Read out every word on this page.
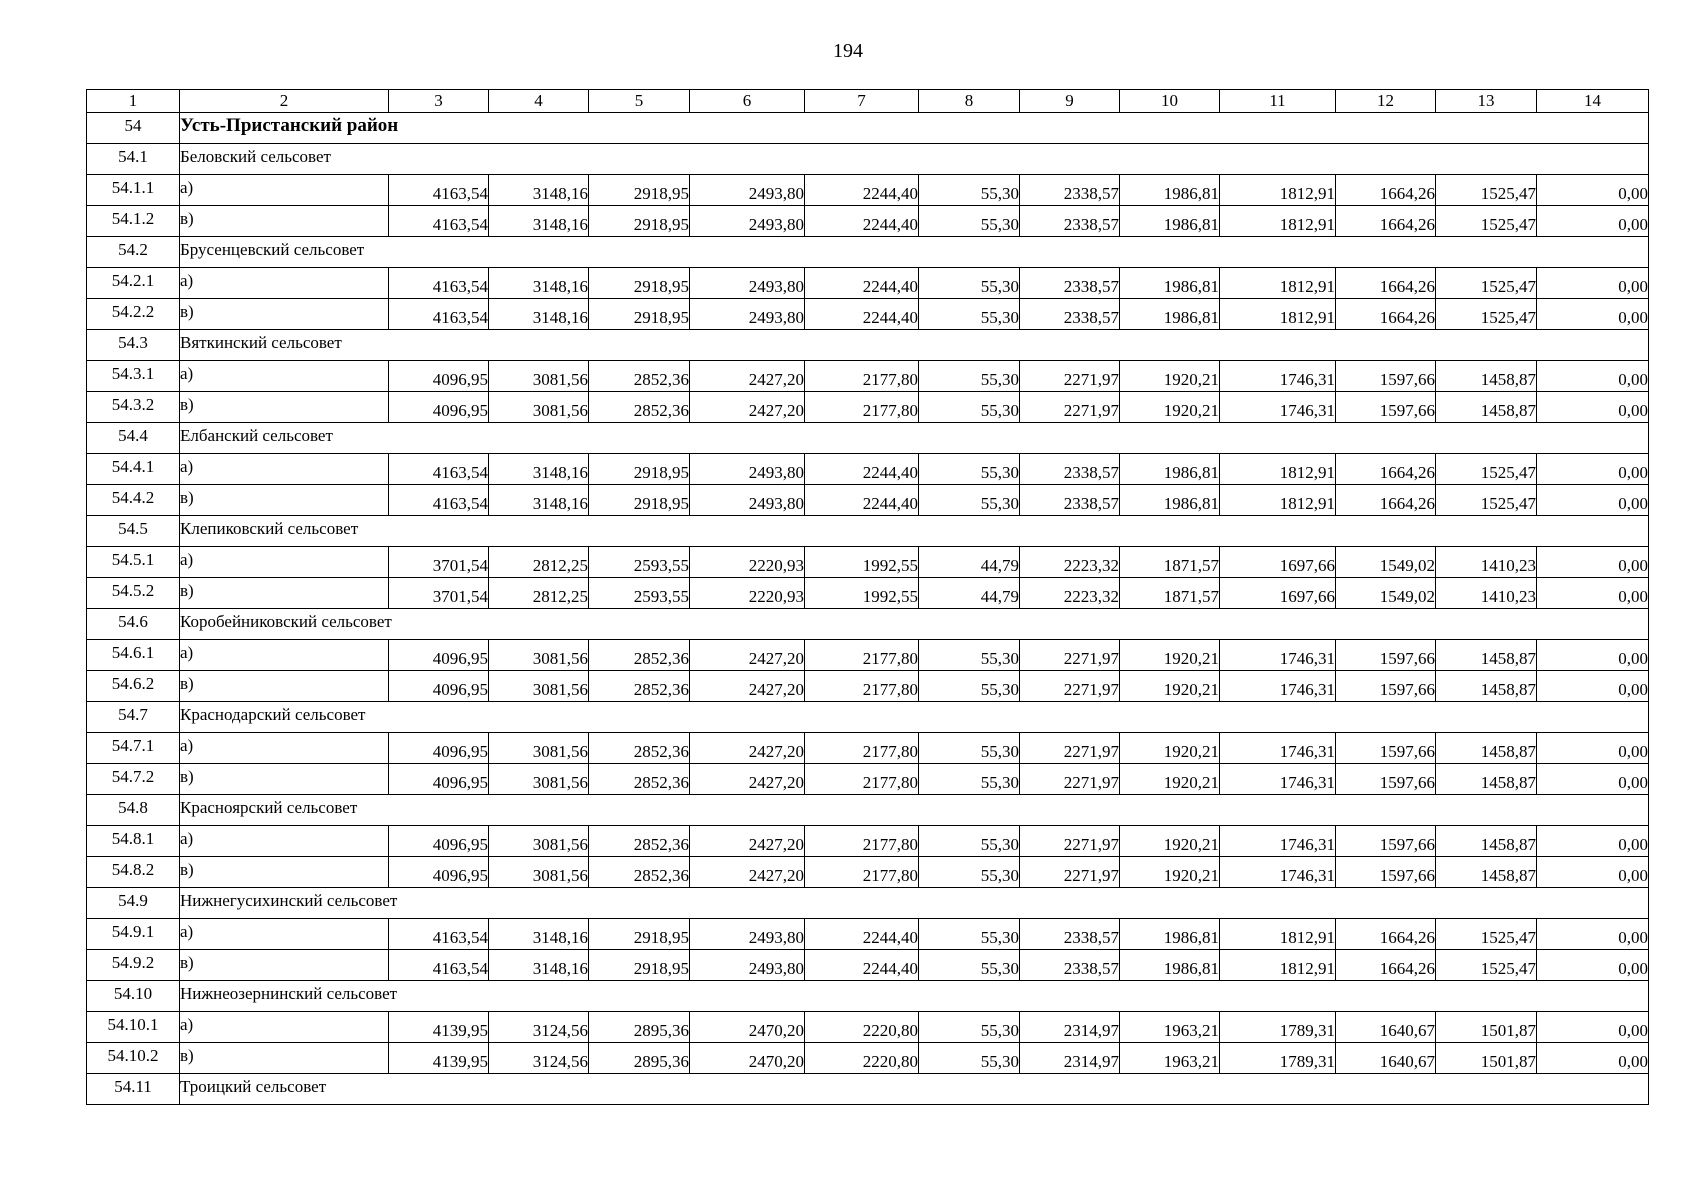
194
1	2	3	4	5	6	7	8	9	10	11	12	13	14
54	Усть-Пристанский район												
54.1	Беловский сельсовет												
54.1.1	а)	4163,54	3148,16	2918,95	2493,80	2244,40	55,30	2338,57	1986,81	1812,91	1664,26	1525,47	0,00
54.1.2	в)	4163,54	3148,16	2918,95	2493,80	2244,40	55,30	2338,57	1986,81	1812,91	1664,26	1525,47	0,00
54.2	Брусенцевский сельсовет												
54.2.1	а)	4163,54	3148,16	2918,95	2493,80	2244,40	55,30	2338,57	1986,81	1812,91	1664,26	1525,47	0,00
54.2.2	в)	4163,54	3148,16	2918,95	2493,80	2244,40	55,30	2338,57	1986,81	1812,91	1664,26	1525,47	0,00
54.3	Вяткинский сельсовет												
54.3.1	а)	4096,95	3081,56	2852,36	2427,20	2177,80	55,30	2271,97	1920,21	1746,31	1597,66	1458,87	0,00
54.3.2	в)	4096,95	3081,56	2852,36	2427,20	2177,80	55,30	2271,97	1920,21	1746,31	1597,66	1458,87	0,00
54.4	Елбанский сельсовет												
54.4.1	а)	4163,54	3148,16	2918,95	2493,80	2244,40	55,30	2338,57	1986,81	1812,91	1664,26	1525,47	0,00
54.4.2	в)	4163,54	3148,16	2918,95	2493,80	2244,40	55,30	2338,57	1986,81	1812,91	1664,26	1525,47	0,00
54.5	Клепиковский сельсовет												
54.5.1	а)	3701,54	2812,25	2593,55	2220,93	1992,55	44,79	2223,32	1871,57	1697,66	1549,02	1410,23	0,00
54.5.2	в)	3701,54	2812,25	2593,55	2220,93	1992,55	44,79	2223,32	1871,57	1697,66	1549,02	1410,23	0,00
54.6	Коробейниковский сельсовет												
54.6.1	а)	4096,95	3081,56	2852,36	2427,20	2177,80	55,30	2271,97	1920,21	1746,31	1597,66	1458,87	0,00
54.6.2	в)	4096,95	3081,56	2852,36	2427,20	2177,80	55,30	2271,97	1920,21	1746,31	1597,66	1458,87	0,00
54.7	Краснодарский сельсовет												
54.7.1	а)	4096,95	3081,56	2852,36	2427,20	2177,80	55,30	2271,97	1920,21	1746,31	1597,66	1458,87	0,00
54.7.2	в)	4096,95	3081,56	2852,36	2427,20	2177,80	55,30	2271,97	1920,21	1746,31	1597,66	1458,87	0,00
54.8	Красноярский сельсовет												
54.8.1	а)	4096,95	3081,56	2852,36	2427,20	2177,80	55,30	2271,97	1920,21	1746,31	1597,66	1458,87	0,00
54.8.2	в)	4096,95	3081,56	2852,36	2427,20	2177,80	55,30	2271,97	1920,21	1746,31	1597,66	1458,87	0,00
54.9	Нижнегусихинский сельсовет												
54.9.1	а)	4163,54	3148,16	2918,95	2493,80	2244,40	55,30	2338,57	1986,81	1812,91	1664,26	1525,47	0,00
54.9.2	в)	4163,54	3148,16	2918,95	2493,80	2244,40	55,30	2338,57	1986,81	1812,91	1664,26	1525,47	0,00
54.10	Нижнеозернинский сельсовет												
54.10.1	а)	4139,95	3124,56	2895,36	2470,20	2220,80	55,30	2314,97	1963,21	1789,31	1640,67	1501,87	0,00
54.10.2	в)	4139,95	3124,56	2895,36	2470,20	2220,80	55,30	2314,97	1963,21	1789,31	1640,67	1501,87	0,00
54.11	Троицкий сельсовет												
